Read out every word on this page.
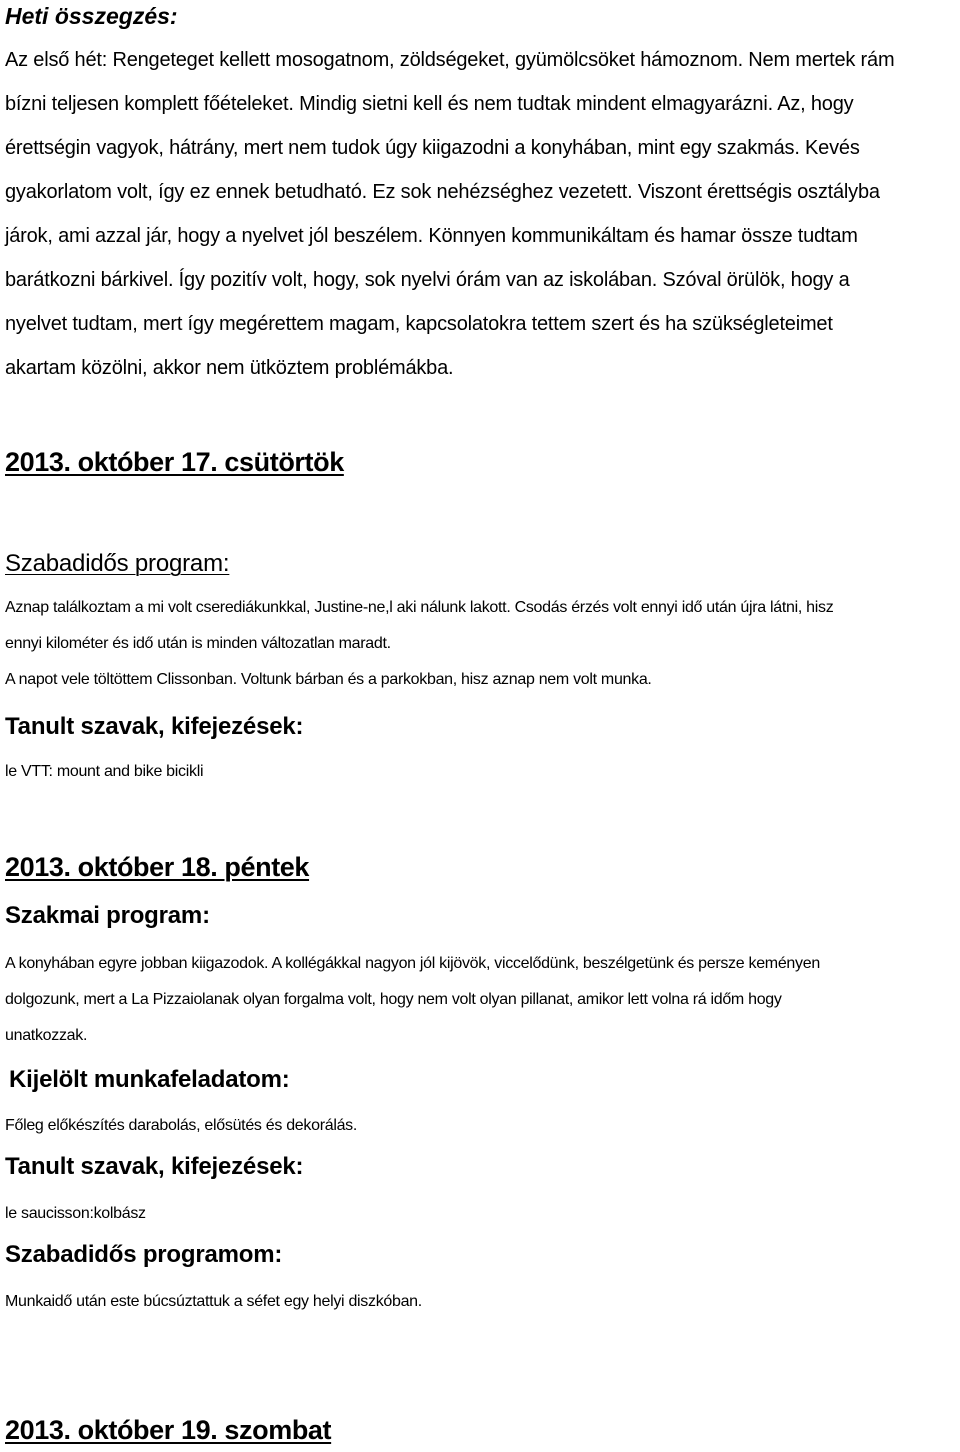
Heti összegzés:
Az első hét: Rengeteget kellett mosogatnom, zöldségeket, gyümölcsöket hámoznom. Nem mertek rám
bízni teljesen komplett főételeket. Mindig sietni kell és nem tudtak mindent elmagyarázni. Az, hogy
érettségin vagyok, hátrány, mert nem tudok úgy kiigazodni a konyhában, mint egy szakmás. Kevés
gyakorlatom volt, így ez ennek betudható. Ez sok nehézséghez vezetett. Viszont érettségis osztályba
járok, ami azzal jár, hogy a nyelvet jól beszélem. Könnyen kommunikáltam és hamar össze tudtam
barátkozni bárkivel. Így pozitív volt, hogy, sok nyelvi órám van az iskolában. Szóval örülök, hogy a
nyelvet tudtam, mert így megérettem magam, kapcsolatokra tettem szert és ha szükségleteimet
akartam közölni, akkor nem ütköztem problémákba.
2013. október 17. csütörtök
Szabadidős program:
Aznap találkoztam a mi volt cserediákunkkal, Justine-ne,l aki nálunk lakott. Csodás érzés volt ennyi idő után újra látni, hisz
ennyi kilométer és idő után is minden változatlan maradt.
A napot vele töltöttem Clissonban. Voltunk bárban és a parkokban, hisz aznap nem volt munka.
Tanult szavak, kifejezések:
le VTT: mount and bike bicikli
2013. október 18. péntek
Szakmai program:
A konyhában egyre jobban kiigazodok. A kollégákkal nagyon jól kijövök, viccelődünk, beszélgetünk és persze keményen
dolgozunk, mert a La Pizzaiolanak olyan forgalma volt, hogy nem volt olyan pillanat, amikor lett volna rá időm hogy
unatkozzak.
Kijelölt munkafeladatom:
Főleg előkészítés darabolás, elősütés és dekorálás.
Tanult szavak, kifejezések:
le saucisson:kolbász
Szabadidős programom:
Munkaidő után este búcsúztattuk a séfet egy helyi diszkóban.
2013. október 19. szombat
